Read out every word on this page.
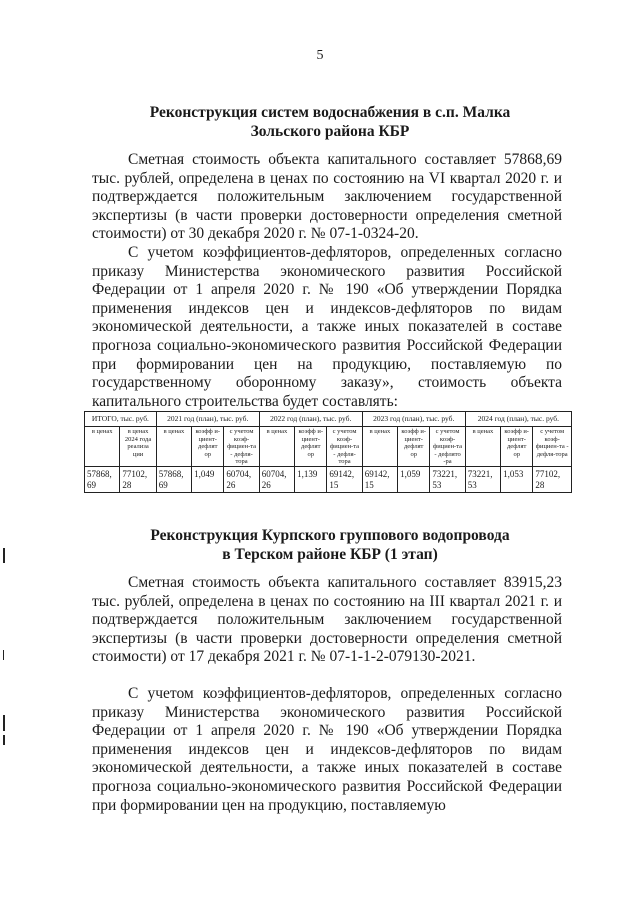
5
Реконструкция систем водоснабжения в с.п. Малка
Зольского района КБР
Сметная стоимость объекта капитального составляет 57868,69 тыс. рублей, определена в ценах по состоянию на VI квартал 2020 г. и подтверждается положительным заключением государственной экспертизы (в части проверки достоверности определения сметной стоимости) от 30 декабря 2020 г. № 07-1-0324-20.
С учетом коэффициентов-дефляторов, определенных согласно приказу Министерства экономического развития Российской Федерации от 1 апреля 2020 г. № 190 «Об утверждении Порядка применения индексов цен и индексов-дефляторов по видам экономической деятельности, а также иных показателей в составе прогноза социально-экономического развития Российской Федерации при формировании цен на продукцию, поставляемую по государственному оборонному заказу», стоимость объекта капитального строительства будет составлять:
ИТОГО, тыс. руб.		2021 год (план), тыс. руб.			2022 год (план), тыс. руб.			2023 год (план), тыс. руб.			2024 год (план), тыс. руб.		
в ценах	в ценах 2024 года реализа ции	в ценах	коэфф и-циент-дефлят ор	с учетом коэф-фициен-та - дефля-тора	в ценах	коэфф и-циент-дефлят ор	с учетом коэф-фициен-та - дефля-тора	в ценах	коэфф и-циент-дефлят ор	с учетом коэф-фициен-та - дефлято -ра	в ценах	коэфф и-циент-дефлят ор	с учетом коэф-фициен-та - дефля-тора
57868, 69	77102, 28	57868, 69	1,049	60704, 26	60704, 26	1,139	69142, 15	69142, 15	1,059	73221, 53	73221, 53	1,053	77102, 28
Реконструкция Курпского группового водопровода
в Терском районе КБР (1 этап)
Сметная стоимость объекта капитального составляет 83915,23 тыс. рублей, определена в ценах по состоянию на III квартал 2021 г. и подтверждается положительным заключением государственной экспертизы (в части проверки достоверности определения сметной стоимости) от 17 декабря 2021 г. № 07-1-1-2-079130-2021.
С учетом коэффициентов-дефляторов, определенных согласно приказу Министерства экономического развития Российской Федерации от 1 апреля 2020 г. № 190 «Об утверждении Порядка применения индексов цен и индексов-дефляторов по видам экономической деятельности, а также иных показателей в составе прогноза социально-экономического развития Российской Федерации при формировании цен на продукцию, поставляемую
